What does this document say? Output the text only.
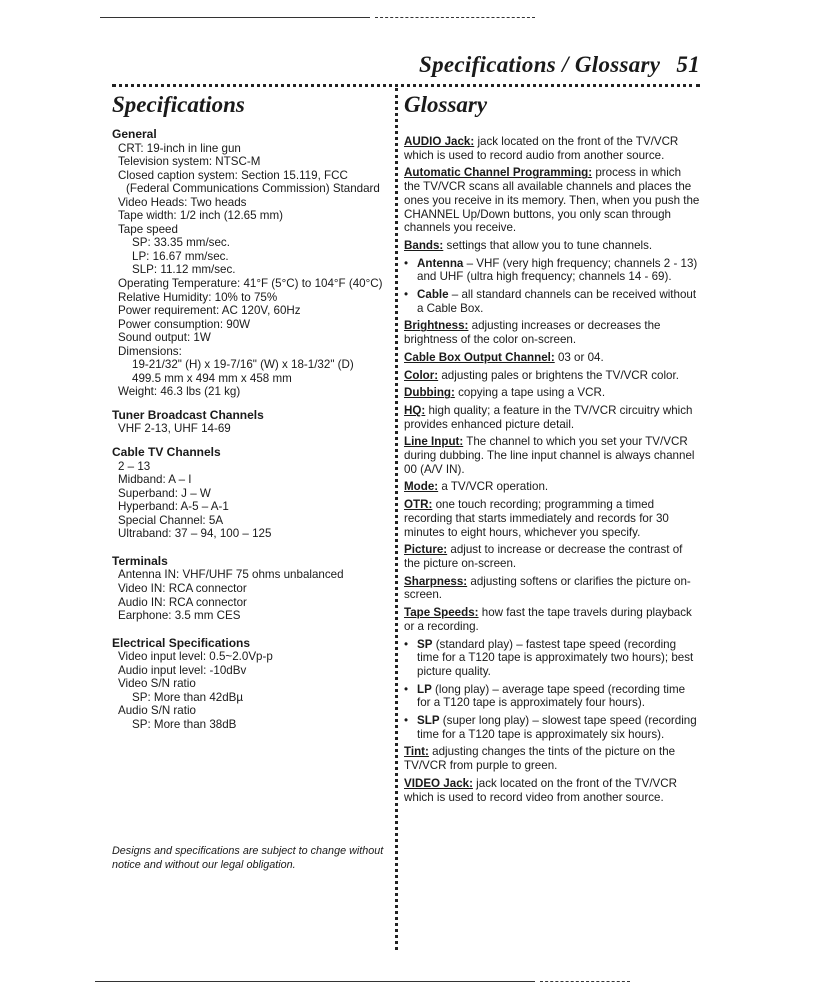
Specifications / Glossary 51
Specifications	Glossary
General
CRT: 19-inch in line gun
Television system: NTSC-M
Closed caption system: Section 15.119, FCC
(Federal Communications Commission) Standard
Video Heads: Two heads
Tape width: 1/2 inch (12.65 mm)
Tape speed
SP: 33.35 mm/sec.
LP: 16.67 mm/sec.
SLP: 11.12 mm/sec.
Operating Temperature: 41°F (5°C) to 104°F (40°C)
Relative Humidity: 10% to 75%
Power requirement: AC 120V, 60Hz
Power consumption: 90W
Sound output: 1W
Dimensions:
19-21/32" (H) x 19-7/16" (W) x 18-1/32" (D)
499.5 mm x 494 mm x 458 mm
Weight: 46.3 lbs (21 kg)
Tuner Broadcast Channels
VHF 2-13, UHF 14-69
Cable TV Channels
2 – 13
Midband: A – I
Superband: J – W
Hyperband: A-5 – A-1
Special Channel: 5A
Ultraband: 37 – 94, 100 – 125
Terminals
Antenna IN: VHF/UHF 75 ohms unbalanced
Video IN: RCA connector
Audio IN: RCA connector
Earphone: 3.5 mm CES
Electrical Specifications
Video input level: 0.5~2.0Vp-p
Audio input level: -10dBv
Video S/N ratio
SP: More than 42dBµ
Audio S/N ratio
SP: More than 38dB
Designs and specifications are subject to change without notice and without our legal obligation.
AUDIO Jack: jack located on the front of the TV/VCR which is used to record audio from another source.
Automatic Channel Programming: process in which the TV/VCR scans all available channels and places the ones you receive in its memory. Then, when you push the CHANNEL Up/Down buttons, you only scan through channels you receive.
Bands: settings that allow you to tune channels.
• Antenna – VHF (very high frequency; channels 2 - 13) and UHF (ultra high frequency; channels 14 - 69).
• Cable – all standard channels can be received without a Cable Box.
Brightness: adjusting increases or decreases the brightness of the color on-screen.
Cable Box Output Channel: 03 or 04.
Color: adjusting pales or brightens the TV/VCR color.
Dubbing: copying a tape using a VCR.
HQ: high quality; a feature in the TV/VCR circuitry which provides enhanced picture detail.
Line Input: The channel to which you set your TV/VCR during dubbing. The line input channel is always channel 00 (A/V IN).
Mode: a TV/VCR operation.
OTR: one touch recording; programming a timed recording that starts immediately and records for 30 minutes to eight hours, whichever you specify.
Picture: adjust to increase or decrease the contrast of the picture on-screen.
Sharpness: adjusting softens or clarifies the picture on-screen.
Tape Speeds: how fast the tape travels during playback or a recording.
• SP (standard play) – fastest tape speed (recording time for a T120 tape is approximately two hours); best picture quality.
• LP (long play) – average tape speed (recording time for a T120 tape is approximately four hours).
• SLP (super long play) – slowest tape speed (recording time for a T120 tape is approximately six hours).
Tint: adjusting changes the tints of the picture on the TV/VCR from purple to green.
VIDEO Jack: jack located on the front of the TV/VCR which is used to record video from another source.
